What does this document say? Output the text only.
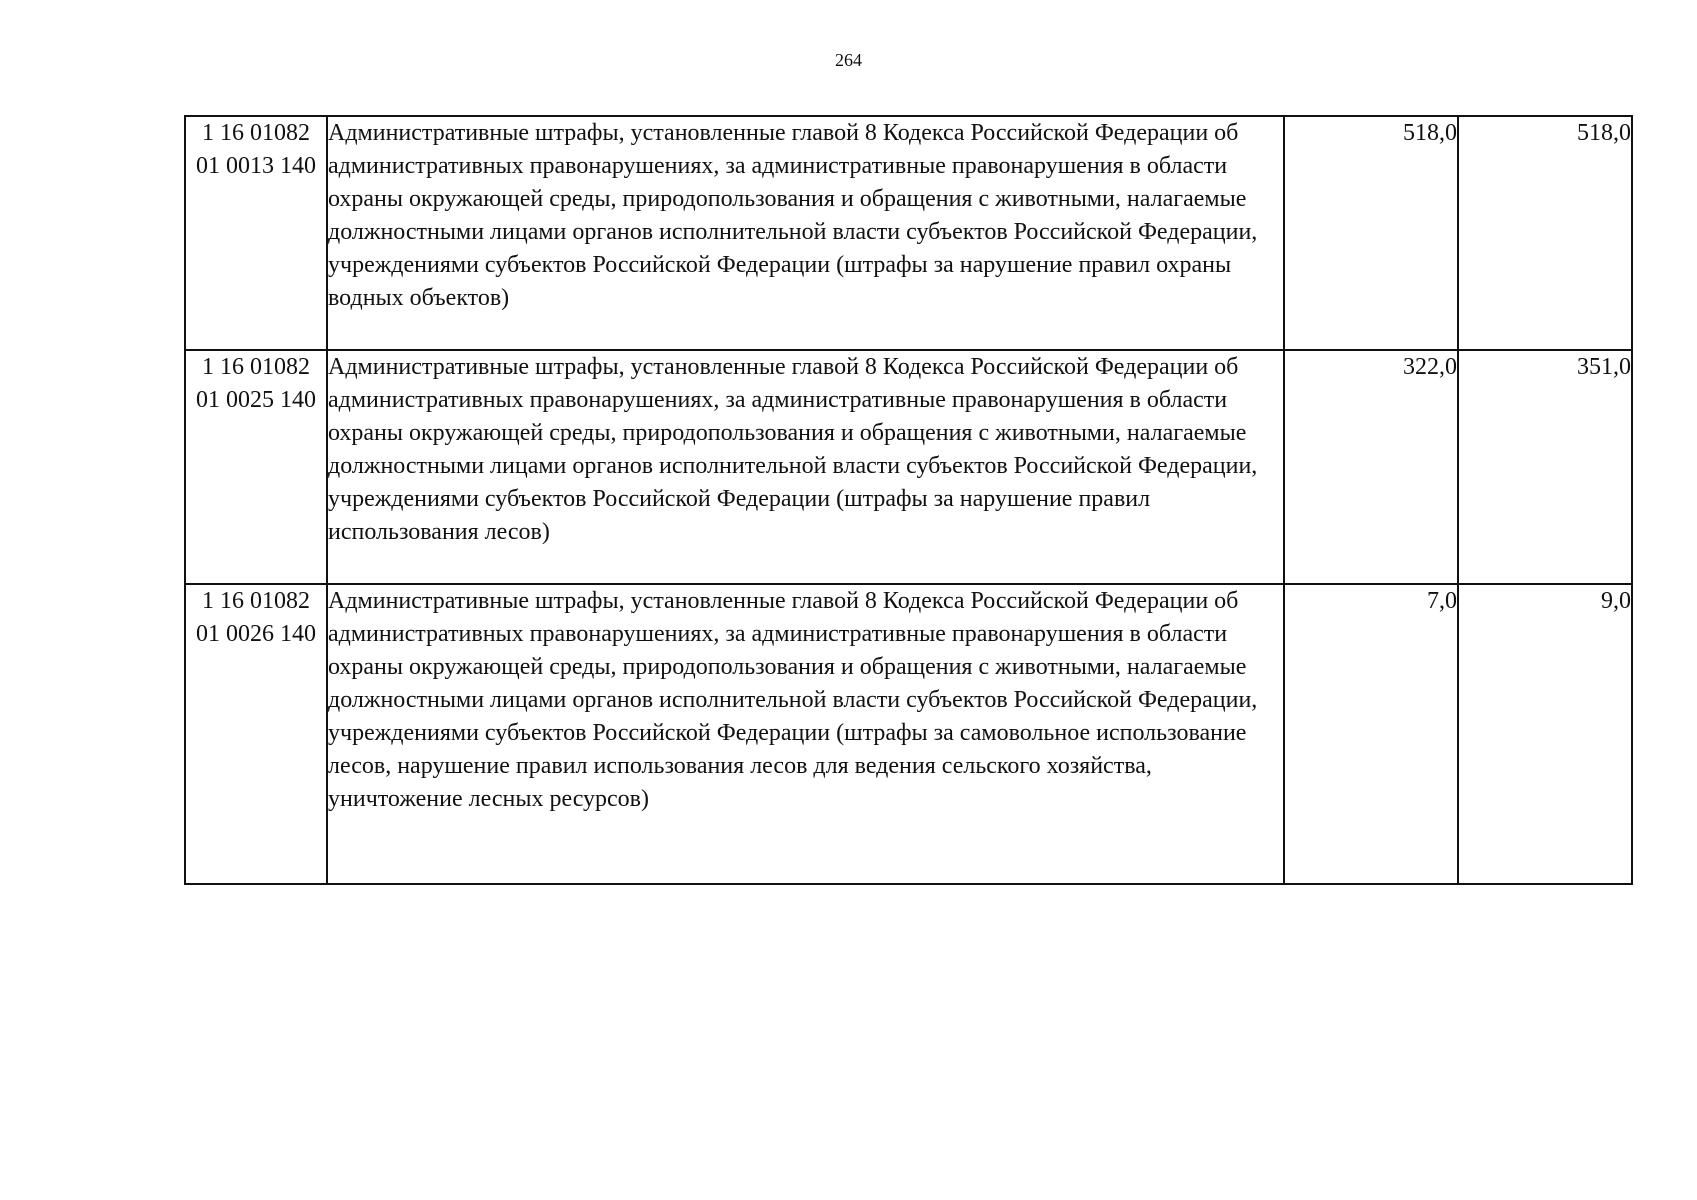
264
1 16 01082
01 0013 140	Административные штрафы, установленные главой 8 Кодекса Российской Федерации об административных правонарушениях, за административные правонарушения в области охраны окружающей среды, природопользования и обращения с животными, налагаемые должностными лицами органов исполнительной власти субъектов Российской Федерации, учреждениями субъектов Российской Федерации (штрафы за нарушение правил охраны водных объектов)	518,0	518,0
1 16 01082
01 0025 140	Административные штрафы, установленные главой 8 Кодекса Российской Федерации об административных правонарушениях, за административные правонарушения в области охраны окружающей среды, природопользования и обращения с животными, налагаемые должностными лицами органов исполнительной власти субъектов Российской Федерации, учреждениями субъектов Российской Федерации (штрафы за нарушение правил использования лесов)	322,0	351,0
1 16 01082
01 0026 140	Административные штрафы, установленные главой 8 Кодекса Российской Федерации об административных правонарушениях, за административные правонарушения в области охраны окружающей среды, природопользования и обращения с животными, налагаемые должностными лицами органов исполнительной власти субъектов Российской Федерации, учреждениями субъектов Российской Федерации (штрафы за самовольное использование лесов, нарушение правил использования лесов для ведения сельского хозяйства, уничтожение лесных ресурсов)	7,0	9,0
